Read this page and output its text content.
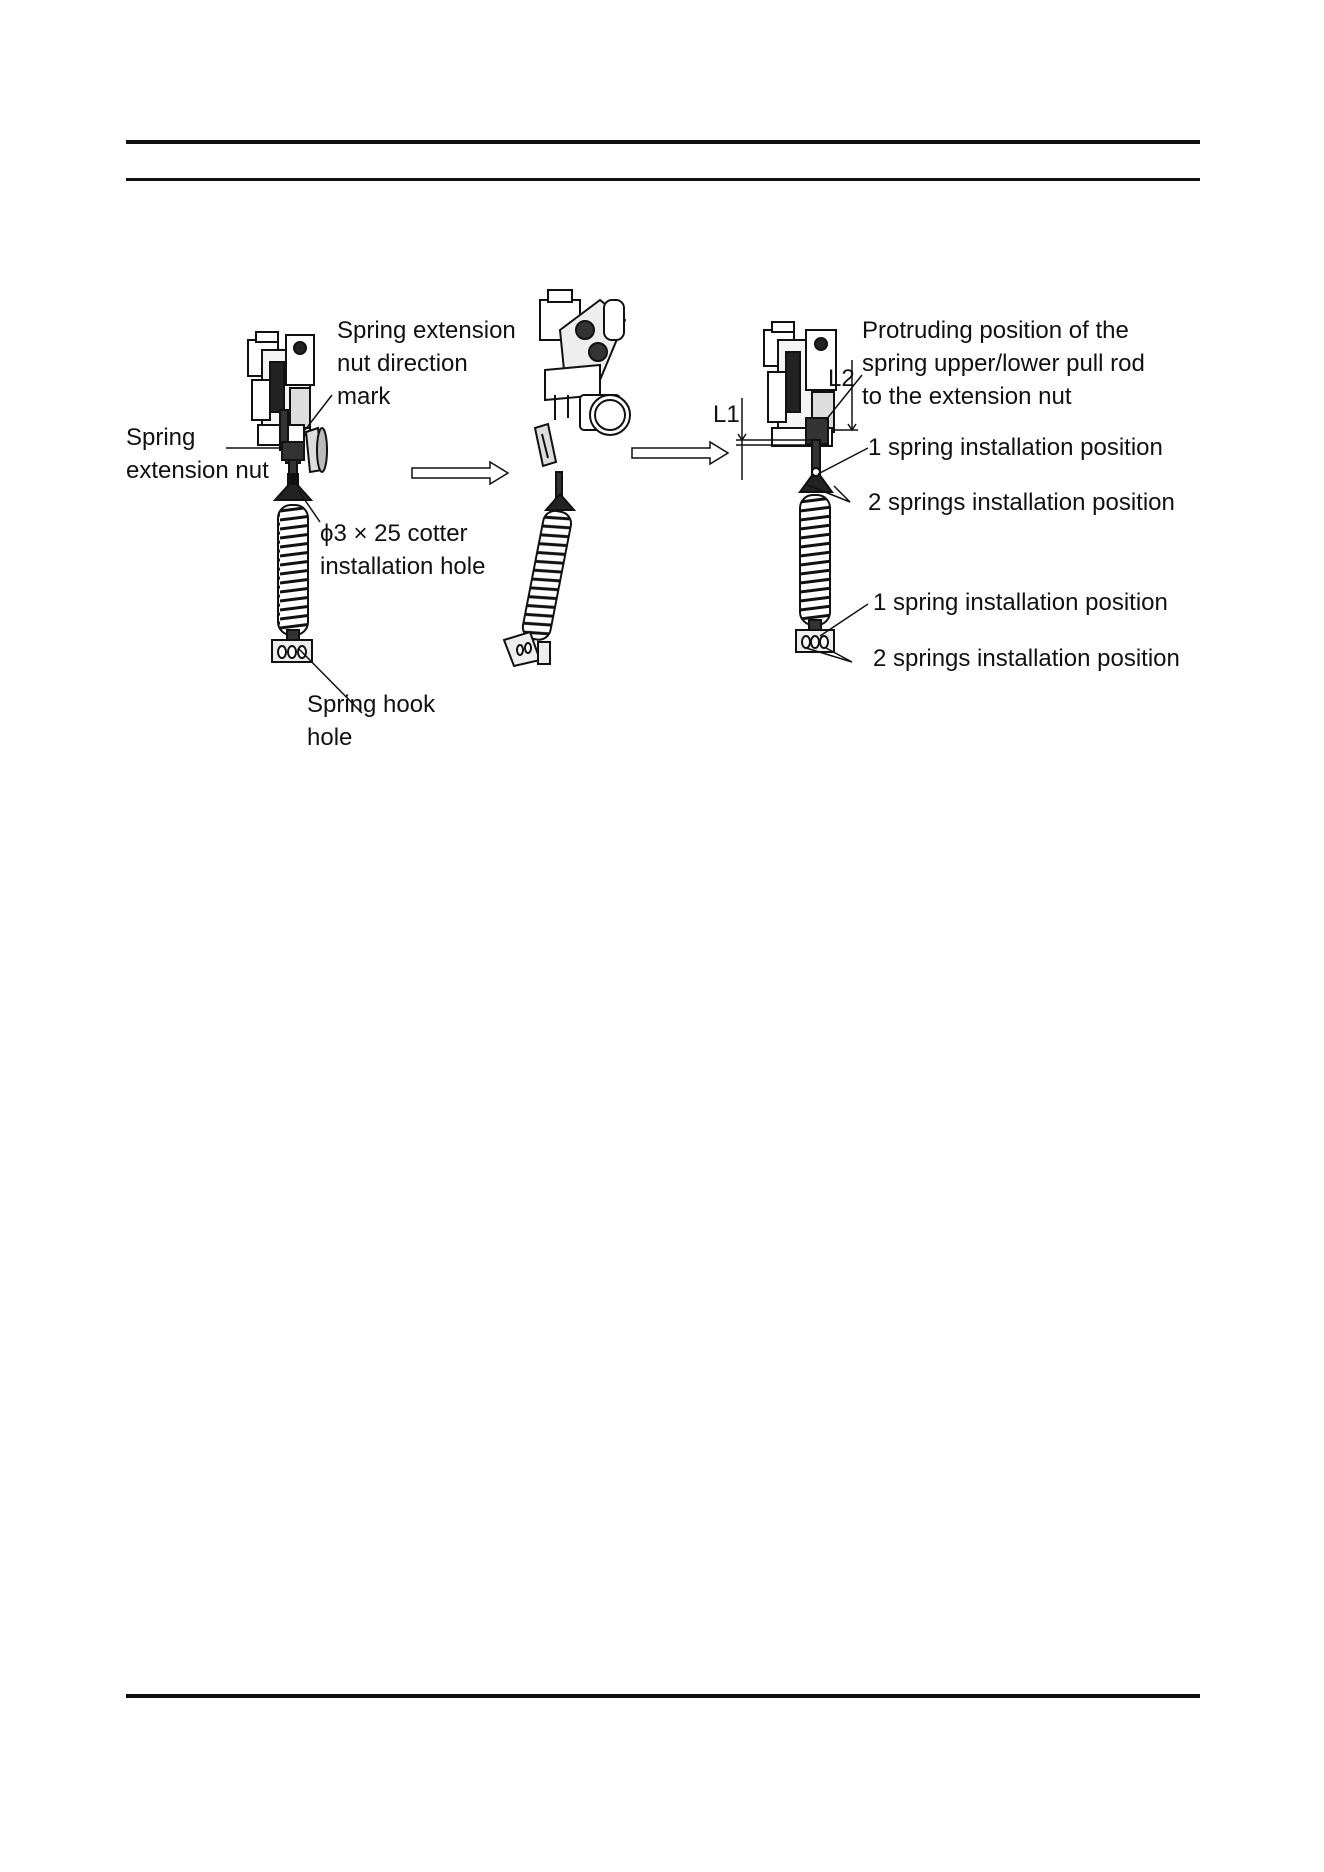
Spring extension
nut direction
mark
Spring
extension nut
ϕ3 × 25 cotter
installation hole
Spring hook
hole
Protruding position of the
spring upper/lower pull rod
to the extension nut
L1
L2
1 spring installation position
2 springs installation position
1 spring installation position
2 springs installation position
